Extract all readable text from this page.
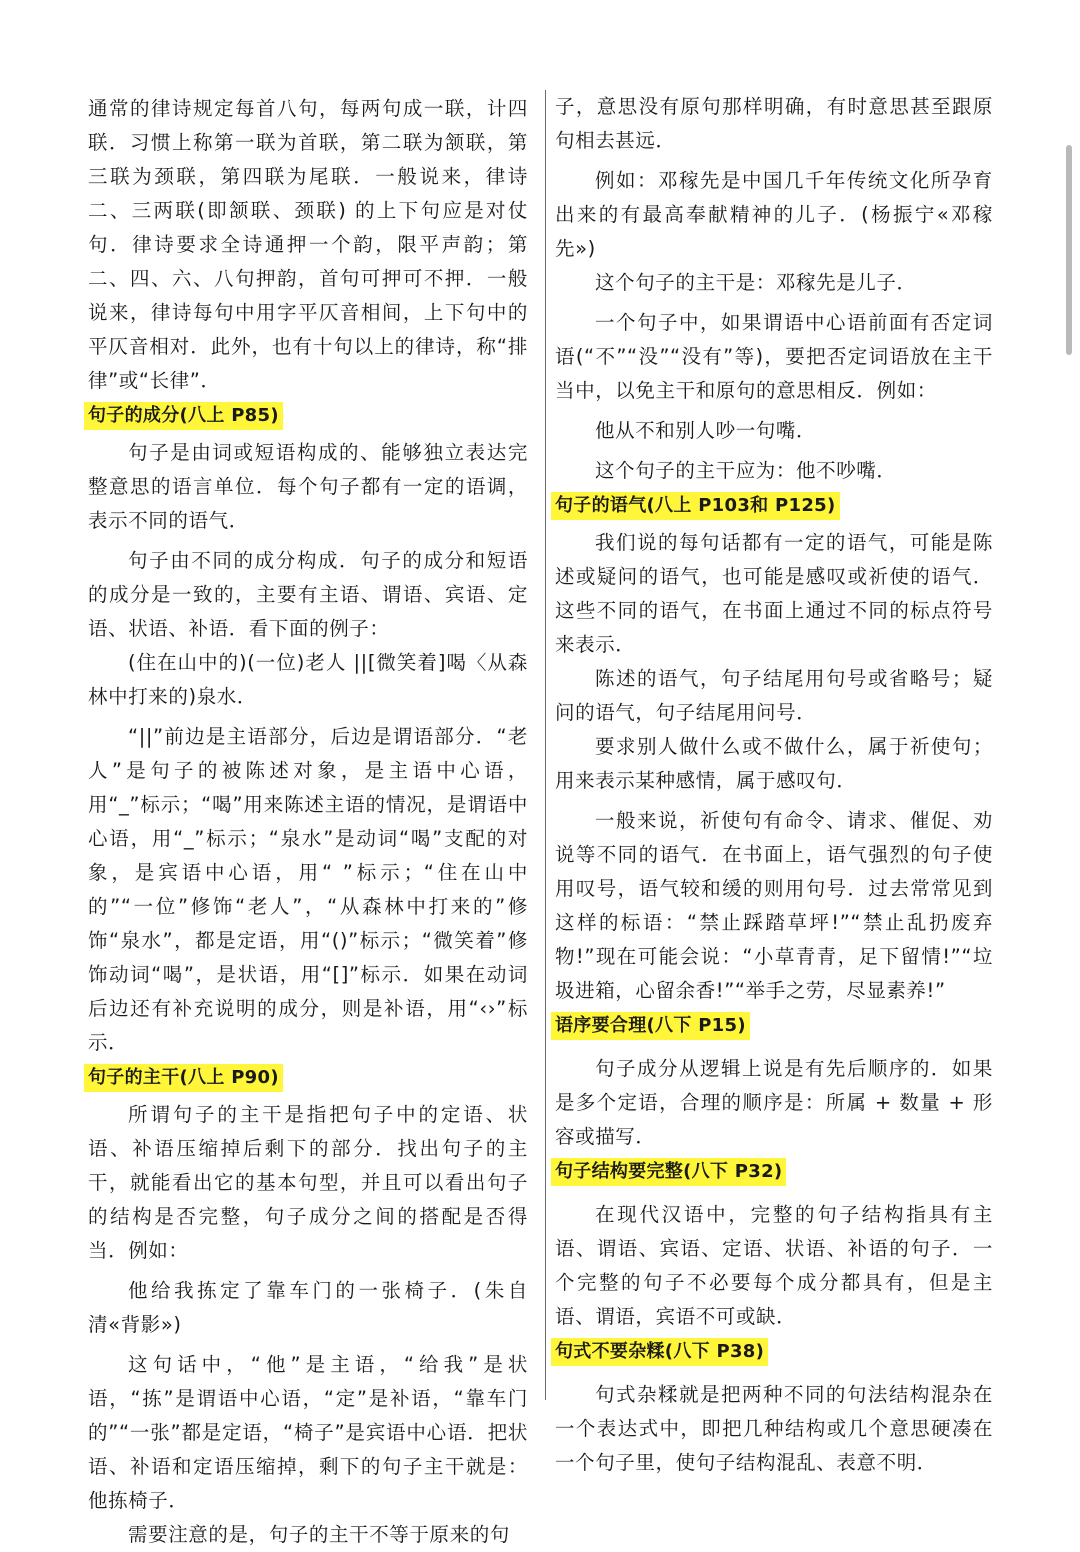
通常的律诗规定每首八句，每两句成一联，计四联．习惯上称第一联为首联，第二联为颔联，第三联为颈联，第四联为尾联．一般说来，律诗二、三两联(即颔联、颈联) 的上下句应是对仗句．律诗要求全诗通押一个韵，限平声韵；第二、四、六、八句押韵，首句可押可不押．一般说来，律诗每句中用字平仄音相间，上下句中的平仄音相对．此外，也有十句以上的律诗，称“排律”或“长律”．

句子的成分(八上 P85)

句子是由词或短语构成的、能够独立表达完整意思的语言单位．每个句子都有一定的语调，表示不同的语气．

句子由不同的成分构成．句子的成分和短语的成分是一致的，主要有主语、谓语、宾语、定语、状语、补语．看下面的例子：

(住在山中的)(一位)老人 ||[微笑着]喝〈从森林中打来的)泉水．

“||”前边是主语部分，后边是谓语部分．“老人”是句子的被陈述对象，是主语中心语，用“_”标示；“喝”用来陈述主语的情况，是谓语中心语，用“_”标示；“泉水”是动词“喝”支配的对象，是宾语中心语，用“ ”标示；“住在山中的”“一位”修饰“老人”，“从森林中打来的”修饰“泉水”，都是定语，用“()”标示；“微笑着”修饰动词“喝”，是状语，用“[]”标示．如果在动词后边还有补充说明的成分，则是补语，用“‹›”标示．

句子的主干(八上 P90)

所谓句子的主干是指把句子中的定语、状语、补语压缩掉后剩下的部分．找出句子的主干，就能看出它的基本句型，并且可以看出句子的结构是否完整，句子成分之间的搭配是否得当．例如：

他给我拣定了靠车门的一张椅子．(朱自清«背影»)

这句话中，“他”是主语，“给我”是状语，“拣”是谓语中心语，“定”是补语，“靠车门的”“一张”都是定语，“椅子”是宾语中心语．把状语、补语和定语压缩掉，剩下的句子主干就是：他拣椅子．

需要注意的是，句子的主干不等于原来的句

子，意思没有原句那样明确，有时意思甚至跟原句相去甚远．

例如：邓稼先是中国几千年传统文化所孕育出来的有最高奉献精神的儿子．(杨振宁«邓稼先»)

这个句子的主干是：邓稼先是儿子．

一个句子中，如果谓语中心语前面有否定词语(“不”“没”“没有”等)，要把否定词语放在主干当中，以免主干和原句的意思相反．例如：

他从不和别人吵一句嘴．

这个句子的主干应为：他不吵嘴．

句子的语气(八上 P103和 P125)

我们说的每句话都有一定的语气，可能是陈述或疑问的语气，也可能是感叹或祈使的语气．这些不同的语气，在书面上通过不同的标点符号来表示．

陈述的语气，句子结尾用句号或省略号；疑问的语气，句子结尾用问号．

要求别人做什么或不做什么，属于祈使句；用来表示某种感情，属于感叹句．

一般来说，祈使句有命令、请求、催促、劝说等不同的语气．在书面上，语气强烈的句子使用叹号，语气较和缓的则用句号．过去常常见到这样的标语：“禁止踩踏草坪!”“禁止乱扔废弃物!”现在可能会说：“小草青青，足下留情!”“垃圾进箱，心留余香!”“举手之劳，尽显素养!”

语序要合理(八下 P15)

句子成分从逻辑上说是有先后顺序的．如果是多个定语，合理的顺序是：所属 + 数量 + 形容或描写．

句子结构要完整(八下 P32)

在现代汉语中，完整的句子结构指具有主语、谓语、宾语、定语、状语、补语的句子．一个完整的句子不必要每个成分都具有，但是主语、谓语，宾语不可或缺．

句式不要杂糅(八下 P38)

句式杂糅就是把两种不同的句法结构混杂在一个表达式中，即把几种结构或几个意思硬凑在一个句子里，使句子结构混乱、表意不明．
